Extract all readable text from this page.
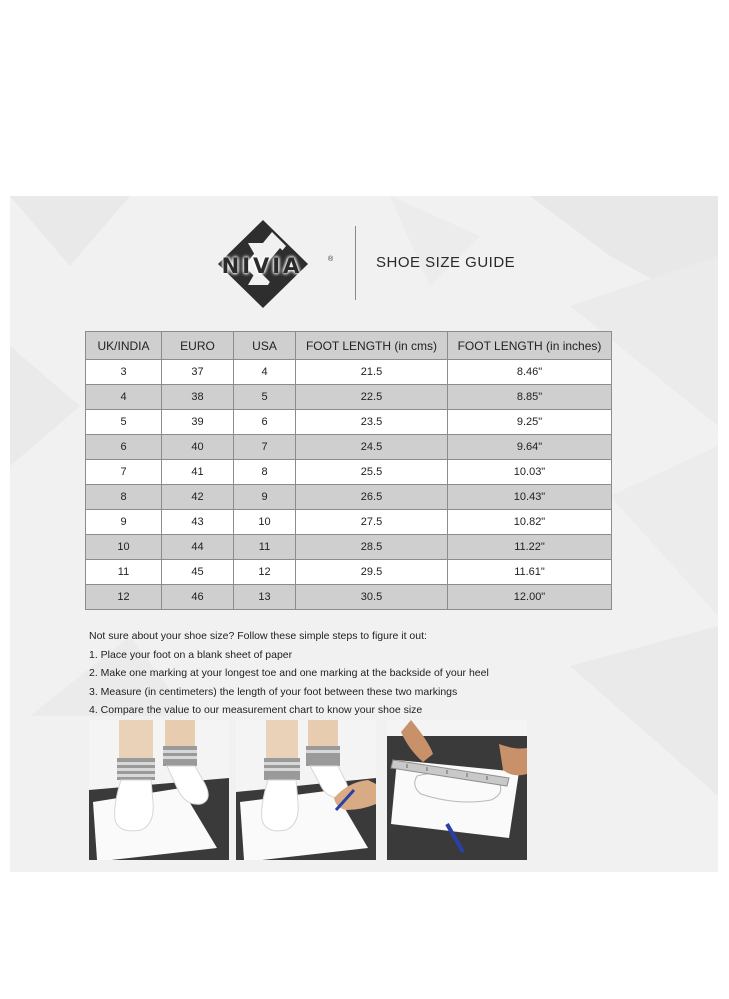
NIVIA	®	SHOE SIZE GUIDE
UK/INDIA	EURO	USA	FOOT LENGTH (in cms)	FOOT LENGTH (in inches)
3	37	4	21.5	8.46"
4	38	5	22.5	8.85"
5	39	6	23.5	9.25"
6	40	7	24.5	9.64"
7	41	8	25.5	10.03"
8	42	9	26.5	10.43"
9	43	10	27.5	10.82"
10	44	11	28.5	11.22"
11	45	12	29.5	11.61"
12	46	13	30.5	12.00"
Not sure about your shoe size? Follow these simple steps to figure it out:
1. Place your foot on a blank sheet of paper
2. Make one marking at your longest toe and one marking at the backside of your heel
3. Measure (in centimeters) the length of your foot between these two markings
4. Compare the value to our measurement chart to know your shoe size
